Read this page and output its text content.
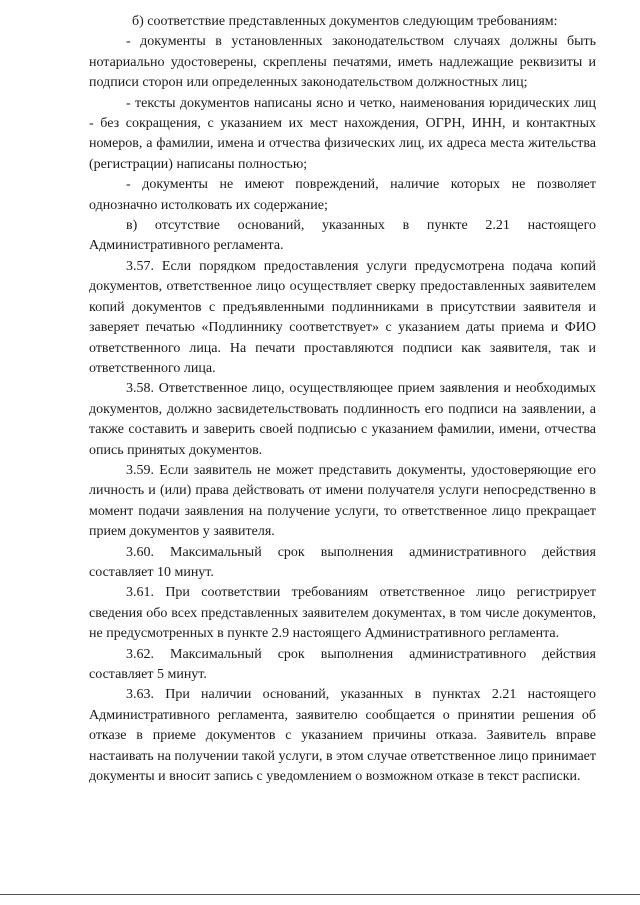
б) соответствие представленных документов следующим требованиям:

- документы в установленных законодательством случаях должны быть нотариально удостоверены, скреплены печатями, иметь надлежащие реквизиты и подписи сторон или определенных законодательством должностных лиц;

- тексты документов написаны ясно и четко, наименования юридических лиц - без сокращения, с указанием их мест нахождения, ОГРН, ИНН, и контактных номеров, а фамилии, имена и отчества физических лиц, их адреса места жительства (регистрации) написаны полностью;

- документы не имеют повреждений, наличие которых не позволяет однозначно истолковать их содержание;

в) отсутствие оснований, указанных в пункте 2.21 настоящего Административного регламента.

3.57. Если порядком предоставления услуги предусмотрена подача копий документов, ответственное лицо осуществляет сверку предоставленных заявителем копий документов с предъявленными подлинниками в присутствии заявителя и заверяет печатью «Подлиннику соответствует» с указанием даты приема и ФИО ответственного лица. На печати проставляются подписи как заявителя, так и ответственного лица.

3.58. Ответственное лицо, осуществляющее прием заявления и необходимых документов, должно засвидетельствовать подлинность его подписи на заявлении, а также составить и заверить своей подписью с указанием фамилии, имени, отчества опись принятых документов.

3.59. Если заявитель не может представить документы, удостоверяющие его личность и (или) права действовать от имени получателя услуги непосредственно в момент подачи заявления на получение услуги, то ответственное лицо прекращает прием документов у заявителя.

3.60. Максимальный срок выполнения административного действия составляет 10 минут.

3.61. При соответствии требованиям ответственное лицо регистрирует сведения обо всех представленных заявителем документах, в том числе документов, не предусмотренных в пункте 2.9 настоящего Административного регламента.

3.62. Максимальный срок выполнения административного действия составляет 5 минут.

3.63. При наличии оснований, указанных в пунктах 2.21 настоящего Административного регламента, заявителю сообщается о принятии решения об отказе в приеме документов с указанием причины отказа. Заявитель вправе настаивать на получении такой услуги, в этом случае ответственное лицо принимает документы и вносит запись с уведомлением о возможном отказе в текст расписки.
